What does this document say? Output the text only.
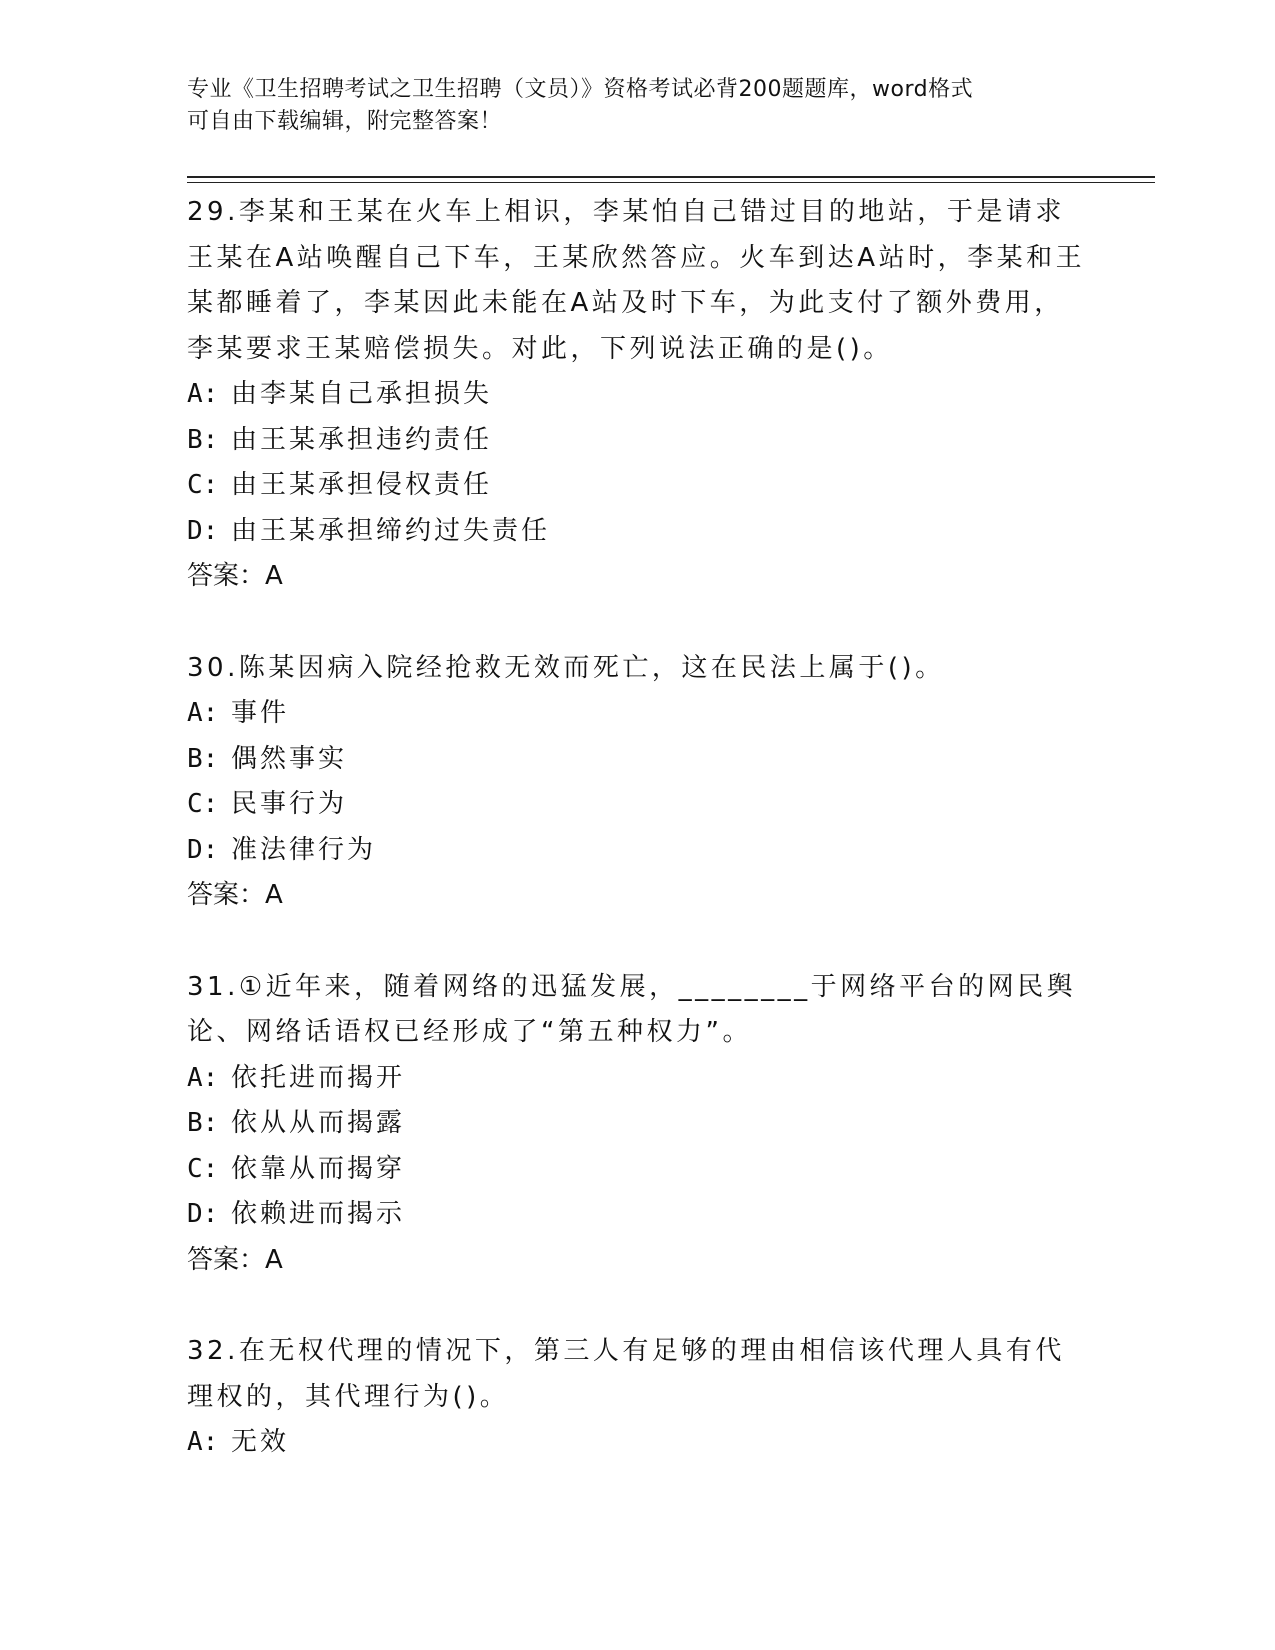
专业《卫生招聘考试之卫生招聘（文员）》资格考试必背200题题库，word格式
可自由下载编辑，附完整答案！

29.李某和王某在火车上相识，李某怕自己错过目的地站，于是请求王某在A站唤醒自己下车，王某欣然答应。火车到达A站时，李某和王某都睡着了，李某因此未能在A站及时下车，为此支付了额外费用，李某要求王某赔偿损失。对此，下列说法正确的是()。

A: 由李某自己承担损失

B: 由王某承担违约责任

C: 由王某承担侵权责任

D: 由王某承担缔约过失责任

答案：A

30.陈某因病入院经抢救无效而死亡，这在民法上属于()。

A: 事件

B: 偶然事实

C: 民事行为

D: 准法律行为

答案：A

31.①近年来，随着网络的迅猛发展，________于网络平台的网民舆论、网络话语权已经形成了“第五种权力”。

A: 依托进而揭开

B: 依从从而揭露

C: 依靠从而揭穿

D: 依赖进而揭示

答案：A

32.在无权代理的情况下，第三人有足够的理由相信该代理人具有代理权的，其代理行为()。

A: 无效
